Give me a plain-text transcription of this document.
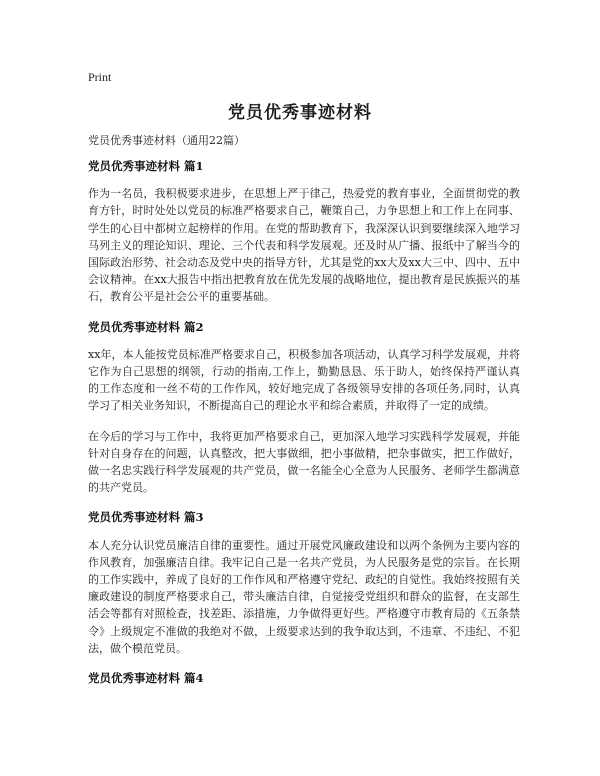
Print
党员优秀事迹材料
党员优秀事迹材料（通用22篇）
党员优秀事迹材料 篇1

作为一名员，我积极要求进步，在思想上严于律己，热爱党的教育事业，全面贯彻党的教育方针，时时处处以党员的标准严格要求自己，鞭策自己，力争思想上和工作上在同事、学生的心目中都树立起榜样的作用。在党的帮助教育下，我深深认识到要继续深入地学习马列主义的理论知识、理论、三个代表和科学发展观。还及时从广播、报纸中了解当今的国际政治形势、社会动态及党中央的指导方针，尤其是党的xx大及xx大三中、四中、五中会议精神。在xx大报告中指出把教育放在优先发展的战略地位，提出教育是民族振兴的基石，教育公平是社会公平的重要基础。

党员优秀事迹材料 篇2

xx年，本人能按党员标准严格要求自己，积极参加各项活动，认真学习科学发展观，并将它作为自己思想的纲领，行动的指南,工作上，勤勤恳恳、乐于助人，始终保持严谨认真的工作态度和一丝不苟的工作作风，较好地完成了各级领导安排的各项任务,同时，认真学习了相关业务知识，不断提高自己的理论水平和综合素质，并取得了一定的成绩。

在今后的学习与工作中，我将更加严格要求自己，更加深入地学习实践科学发展观，并能针对自身存在的问题，认真整改，把大事做细，把小事做精，把杂事做实，把工作做好，做一名忠实践行科学发展观的共产党员，做一名能全心全意为人民服务、老师学生都满意的共产党员。

党员优秀事迹材料 篇3

本人充分认识党员廉洁自律的重要性。通过开展党风廉政建设和以两个条例为主要内容的作风教育，加强廉洁自律。我牢记自己是一名共产党员，为人民服务是党的宗旨。在长期的工作实践中，养成了良好的工作作风和严格遵守党纪、政纪的自觉性。我始终按照有关廉政建设的制度严格要求自己，带头廉洁自律，自觉接受党组织和群众的监督，在支部生活会等都有对照检查，找差距、添措施，力争做得更好些。严格遵守市教育局的《五条禁令》上级规定不准做的我绝对不做，上级要求达到的我争取达到，不违章、不违纪、不犯法，做个模范党员。

党员优秀事迹材料 篇4
